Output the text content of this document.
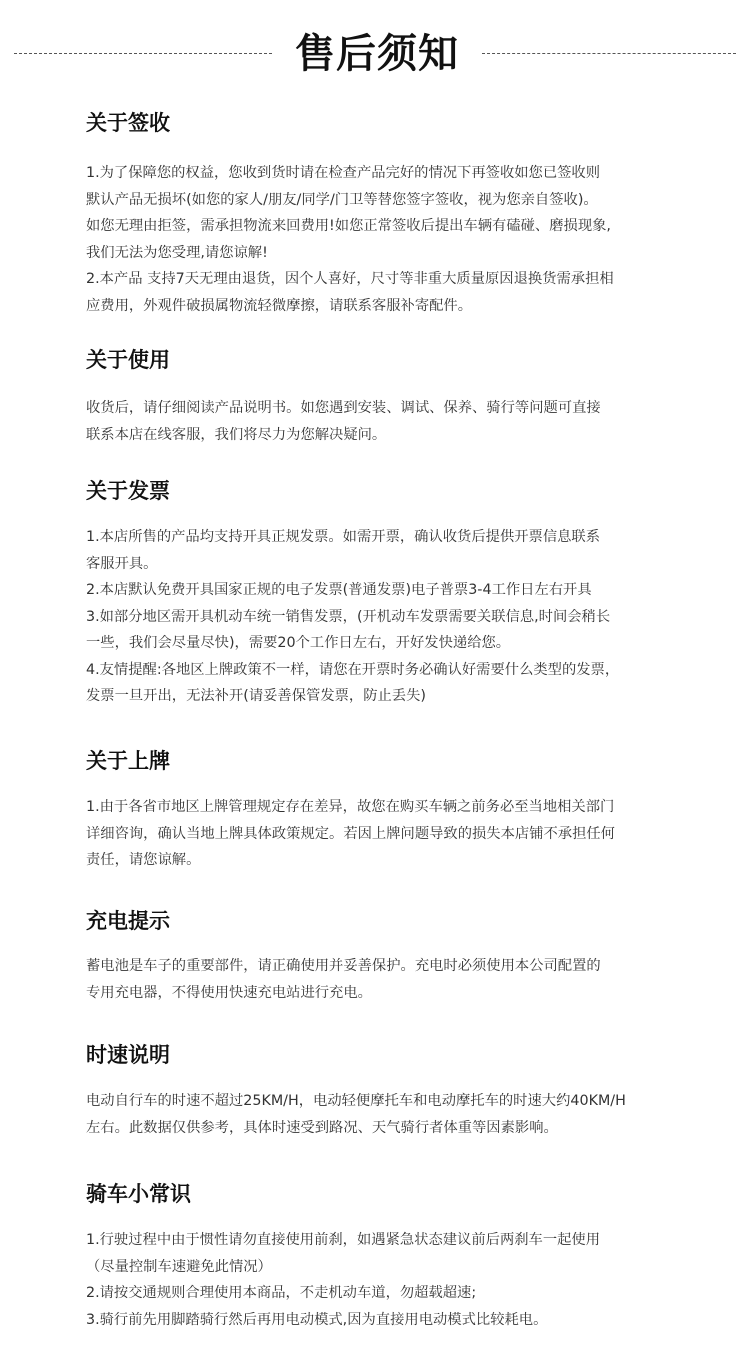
售后须知
关于签收
1.为了保障您的权益，您收到货时请在检查产品完好的情况下再签收如您已签收则
默认产品无损坏(如您的家人/朋友/同学/门卫等替您签字签收，视为您亲自签收)。
如您无理由拒签，需承担物流来回费用!如您正常签收后提出车辆有磕碰、磨损现象,
我们无法为您受理,请您谅解!
2.本产品 支持7天无理由退货，因个人喜好，尺寸等非重大质量原因退换货需承担相
应费用，外观件破损属物流轻微摩擦，请联系客服补寄配件。
关于使用
收货后，请仔细阅读产品说明书。如您遇到安装、调试、保养、骑行等问题可直接
联系本店在线客服，我们将尽力为您解决疑问。
关于发票
1.本店所售的产品均支持开具正规发票。如需开票，确认收货后提供开票信息联系
客服开具。
2.本店默认免费开具国家正规的电子发票(普通发票)电子普票3-4工作日左右开具
3.如部分地区需开具机动车统一销售发票，(开机动车发票需要关联信息,时间会稍长
一些，我们会尽量尽快)，需要20个工作日左右，开好发快递给您。
4.友情提醒:各地区上牌政策不一样，请您在开票时务必确认好需要什么类型的发票，
发票一旦开出，无法补开(请妥善保管发票，防止丢失)
关于上牌
1.由于各省市地区上牌管理规定存在差异，故您在购买车辆之前务必至当地相关部门
详细咨询，确认当地上牌具体政策规定。若因上牌问题导致的损失本店铺不承担任何
责任，请您谅解。
充电提示
蓄电池是车子的重要部件，请正确使用并妥善保护。充电时必须使用本公司配置的
专用充电器，不得使用快速充电站进行充电。
时速说明
电动自行车的时速不超过25KM/H，电动轻便摩托车和电动摩托车的时速大约40KM/H
左右。此数据仅供参考，具体时速受到路况、天气骑行者体重等因素影响。
骑车小常识
1.行驶过程中由于惯性请勿直接使用前刹，如遇紧急状态建议前后两刹车一起使用
（尽量控制车速避免此情况）
2.请按交通规则合理使用本商品，不走机动车道，勿超载超速;
3.骑行前先用脚踏骑行然后再用电动模式,因为直接用电动模式比较耗电。
